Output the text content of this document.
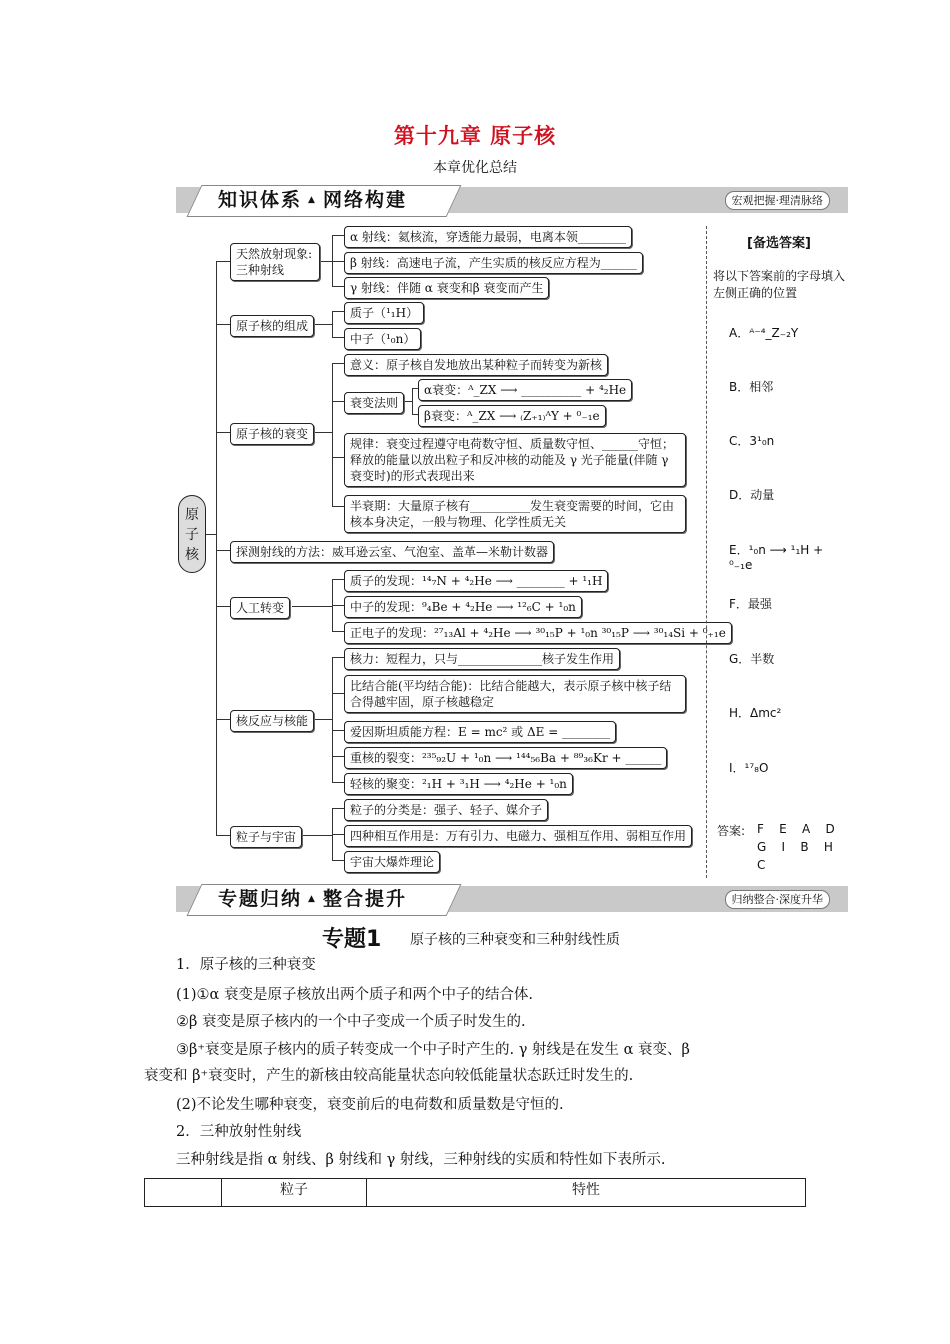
第十九章 原子核
本章优化总结
知识体系 ▲ 网络构建	宏观把握·理清脉络
原
子
核
天然放射现象:
三种射线
原子核的组成
原子核的衰变
探测射线的方法：威耳逊云室、气泡室、盖革—米勒计数器
人工转变
核反应与核能
粒子与宇宙
α 射线：氦核流，穿透能力最弱，电离本领________
β 射线：高速电子流，产生实质的核反应方程为______
γ 射线：伴随 α 衰变和β 衰变而产生
质子（¹₁H）
中子（¹₀n）
意义：原子核自发地放出某种粒子而转变为新核
衰变法则
α衰变：ᴬ_ZX ⟶ __________ + ⁴₂He
β衰变：ᴬ_ZX ⟶ ₍Z₊₁₎ᴬY + ⁰₋₁e
规律：衰变过程遵守电荷数守恒、质量数守恒、______守恒；释放的能量以放出粒子和反冲核的动能及 γ 光子能量(伴随 γ 衰变时)的形式表现出来
半衰期：大量原子核有__________发生衰变需要的时间，它由核本身决定，一般与物理、化学性质无关
质子的发现：¹⁴₇N + ⁴₂He ⟶ ________ + ¹₁H
中子的发现：⁹₄Be + ⁴₂He ⟶ ¹²₆C + ¹₀n
正电子的发现：²⁷₁₃Al + ⁴₂He ⟶ ³⁰₁₅P + ¹₀n ³⁰₁₅P ⟶ ³⁰₁₄Si + ⁰₊₁e
核力：短程力，只与______________核子发生作用
比结合能(平均结合能)：比结合能越大，表示原子核中核子结合得越牢固，原子核越稳定
爱因斯坦质能方程：E = mc² 或 ΔE = ________
重核的裂变：²³⁵₉₂U + ¹₀n ⟶ ¹⁴⁴₅₆Ba + ⁸⁹₃₆Kr + ______
轻核的聚变：²₁H + ³₁H ⟶ ⁴₂He + ¹₀n
粒子的分类是：强子、轻子、媒介子
四种相互作用是：万有引力、电磁力、强相互作用、弱相互作用
宇宙大爆炸理论
[备选答案]
将以下答案前的字母填入左侧正确的位置
A．ᴬ⁻⁴_Z₋₂Y
B．相邻
C．3¹₀n
D．动量
E．¹₀n ⟶ ¹₁H + ⁰₋₁e
F．最强
G．半数
H．Δmc²
I．¹⁷₈O
答案: F    E    A    D
G    I    B    H
C
专题归纳 ▲ 整合提升	归纳整合·深度升华
专题1 原子核的三种衰变和三种射线性质
1．原子核的三种衰变
(1)①α 衰变是原子核放出两个质子和两个中子的结合体.
②β 衰变是原子核内的一个中子变成一个质子时发生的.
③β⁺衰变是原子核内的质子转变成一个中子时产生的. γ 射线是在发生 α 衰变、β
衰变和 β⁺衰变时，产生的新核由较高能量状态向较低能量状态跃迁时发生的.
(2)不论发生哪种衰变，衰变前后的电荷数和质量数是守恒的.
2．三种放射性射线
三种射线是指 α 射线、β 射线和 γ 射线，三种射线的实质和特性如下表所示.
	粒子	特性
